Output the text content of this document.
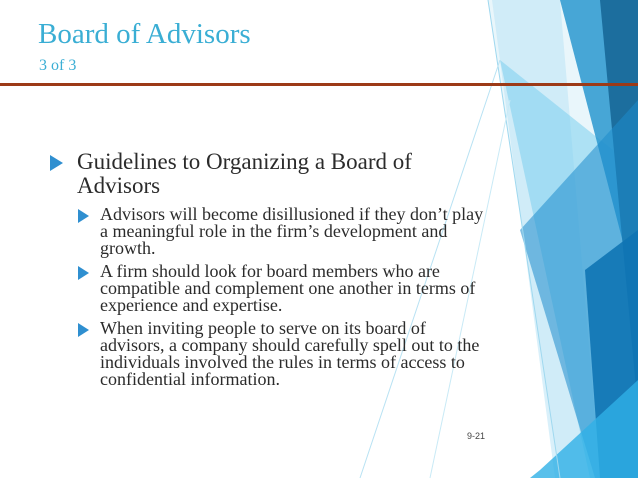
Board of Advisors
3 of 3
Guidelines to Organizing a Board of Advisors
Advisors will become disillusioned if they don’t play a meaningful role in the firm’s development and growth.
A firm should look for board members who are compatible and complement one another in terms of experience and expertise.
When inviting people to serve on its board of advisors, a company should carefully spell out to the individuals involved the rules in terms of access to confidential information.
9-21
